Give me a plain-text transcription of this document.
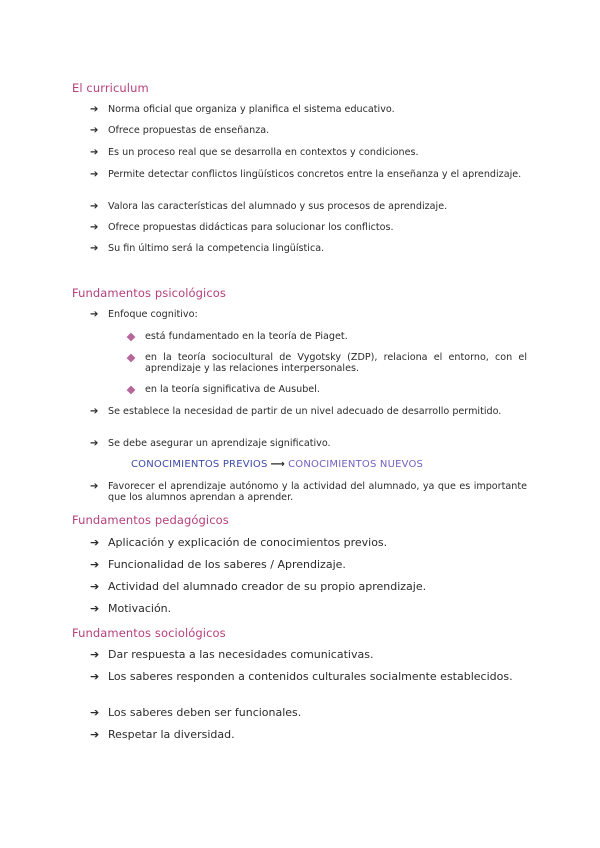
El curriculum
➔	Norma oficial que organiza y planifica el sistema educativo.
➔	Ofrece propuestas de enseñanza.
➔	Es un proceso real que se desarrolla en contextos y condiciones.
➔	Permite detectar conflictos lingüísticos concretos entre la enseñanza y el aprendizaje.
➔	Valora las características del alumnado y sus procesos de aprendizaje.
➔	Ofrece propuestas didácticas para solucionar los conflictos.
➔	Su fin último será la competencia lingüística.
Fundamentos psicológicos
➔	Enfoque cognitivo:
está fundamentado en la teoría de Piaget.
en la teoría sociocultural de Vygotsky (ZDP), relaciona el entorno, con el aprendizaje y las relaciones interpersonales.
en la teoría significativa de Ausubel.
➔	Se establece la necesidad de partir de un nivel adecuado de desarrollo permitido.
➔	Se debe asegurar un aprendizaje significativo.
CONOCIMIENTOS PREVIOS ⟶ CONOCIMIENTOS NUEVOS
➔	Favorecer el aprendizaje autónomo y la actividad del alumnado, ya que es importante que los alumnos aprendan a aprender.
Fundamentos pedagógicos
➔ Aplicación y explicación de conocimientos previos.
➔ Funcionalidad de los saberes / Aprendizaje.
➔ Actividad del alumnado creador de su propio aprendizaje.
➔ Motivación.
Fundamentos sociológicos
➔ Dar respuesta a las necesidades comunicativas.
➔ Los saberes responden a contenidos culturales socialmente establecidos.
➔ Los saberes deben ser funcionales.
➔ Respetar la diversidad.
